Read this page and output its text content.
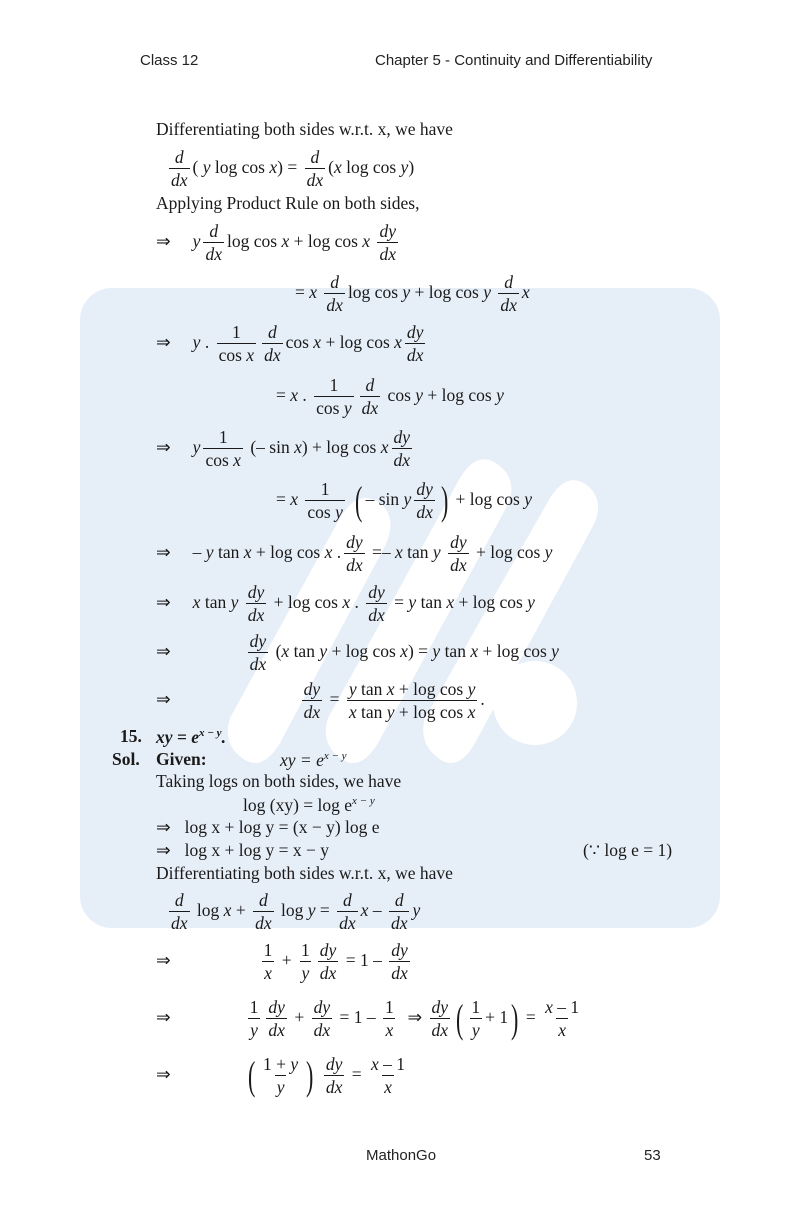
Class 12	Chapter 5 - Continuity and Differentiability
Differentiating both sides w.r.t. x, we have
$\frac{d}{dx}$ ( y $\log \cos x) = \frac{d}{dx} (x$ log cos y)
Applying Product Rule on both sides,
⇒ y $\frac{d}{dx}$ log cos x + log cos x $\frac{dy}{dx}$
= x $\frac{d}{dx}$ log cos y + log cos y $\frac{d}{dx}$ x
⇒ y . $\frac{1}{\text{cos x}} \frac{d}{dx}$ cos x + log cos x $\frac{dy}{dx}$
= x . $\frac{1}{\text{cos y}} \frac{d}{dx}$ cos y + log cos y
⇒ y $\frac{1}{\text{cos x}}$ (– sin x) + log cos x $\frac{dy}{dx}$
= x $\frac{1}{\text{cos y}}$ ( – sin y $\frac{dy}{dx}$ ) + log cos y
⇒ – y tan x + log cos x . $\frac{dy}{dx} =- x$ tan y $\frac{dy}{dx} + \log \cos y$
⇒ x tan y $\frac{dy}{dx} + \log \cos x$ . $\frac{dy}{dx} = y$ tan x + log cos y
⇒	$\frac{dy}{dx} (x$ tan y + log cos x) = y tan x + log cos y
⇒	$\frac{dy}{dx} = \frac{\text{y tan x + log cos y}}{\text{x tan y + log cos x}}$ .
15. xy = $e^{x - y}$.
Sol. Given:	xy = $e^{x - y}$
Taking logs on both sides, we have
$\log (xy) = \log e^{x - y}$
⇒ log x + log y = (x − y) log e
⇒ log x + log y = x − y	(∵ log e = 1)
Differentiating both sides w.r.t. x, we have
$\frac{d}{dx}$ $\log x + \frac{d}{dx}$ $\log y = \frac{d}{dx}$ x – $\frac{d}{dx}$ y
⇒	$\frac{1}{x} + \frac{1}{y} \frac{dy}{dx} = 1 - \frac{dy}{dx}$
⇒	$\frac{1}{y} \frac{dy}{dx} + \frac{dy}{dx} = 1 - \frac{1}{x}$ ⇒ $\frac{dy}{dx}$ ( $\frac{1}{y} + 1) = \frac{x - 1}{x}$
⇒ ( $\frac{1 + y}{y}$ ) $\frac{dy}{dx} = \frac{x - 1}{x}$
MathonGo	53
